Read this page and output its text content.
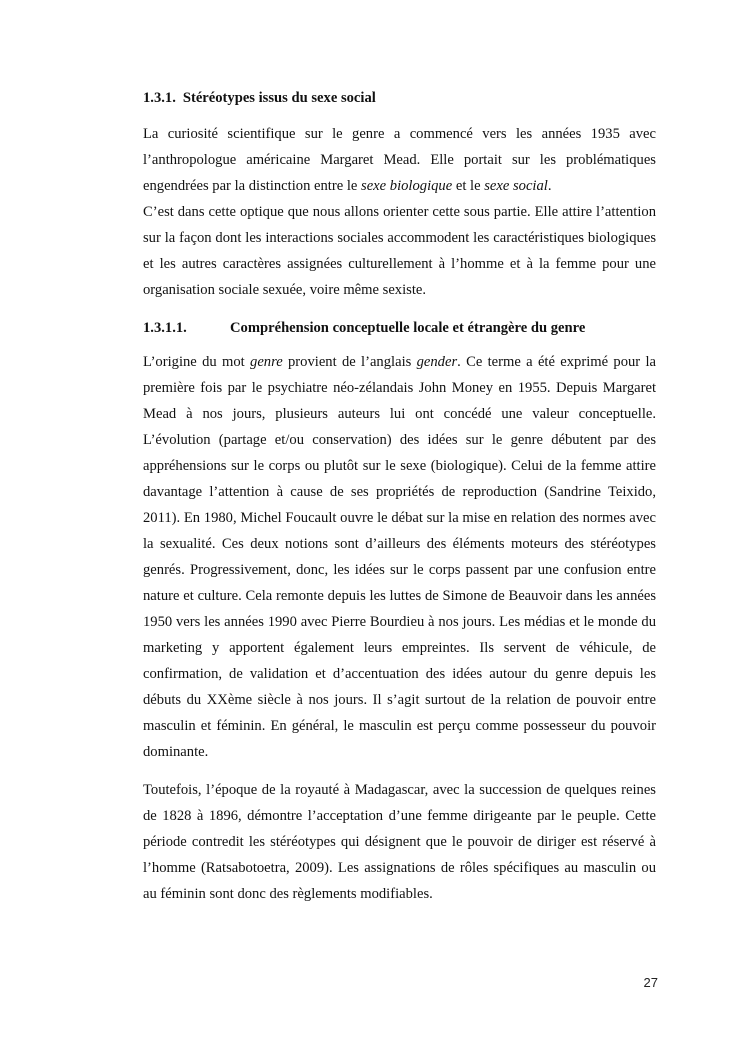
1.3.1. Stéréotypes issus du sexe social

La curiosité scientifique sur le genre a commencé vers les années 1935 avec l’anthropologue américaine Margaret Mead. Elle portait sur les problématiques engendrées par la distinction entre le sexe biologique et le sexe social.

C’est dans cette optique que nous allons orienter cette sous partie. Elle attire l’attention sur la façon dont les interactions sociales accommodent les caractéristiques biologiques et les autres caractères assignées culturellement à l’homme et à la femme pour une organisation sociale sexuée, voire même sexiste.

1.3.1.1.	Compréhension conceptuelle locale et étrangère du genre

L’origine du mot genre provient de l’anglais gender. Ce terme a été exprimé pour la première fois par le psychiatre néo-zélandais John Money en 1955. Depuis Margaret Mead à nos jours, plusieurs auteurs lui ont concédé une valeur conceptuelle. L’évolution (partage et/ou conservation) des idées sur le genre débutent par des appréhensions sur le corps ou plutôt sur le sexe (biologique). Celui de la femme attire davantage l’attention à cause de ses propriétés de reproduction (Sandrine Teixido, 2011). En 1980, Michel Foucault ouvre le débat sur la mise en relation des normes avec la sexualité. Ces deux notions sont d’ailleurs des éléments moteurs des stéréotypes genrés. Progressivement, donc, les idées sur le corps passent par une confusion entre nature et culture. Cela remonte depuis les luttes de Simone de Beauvoir dans les années 1950 vers les années 1990 avec Pierre Bourdieu à nos jours. Les médias et le monde du marketing y apportent également leurs empreintes. Ils servent de véhicule, de confirmation, de validation et d’accentuation des idées autour du genre depuis les débuts du XXème siècle à nos jours. Il s’agit surtout de la relation de pouvoir entre masculin et féminin. En général, le masculin est perçu comme possesseur du pouvoir dominante.

Toutefois, l’époque de la royauté à Madagascar, avec la succession de quelques reines de 1828 à 1896, démontre l’acceptation d’une femme dirigeante par le peuple. Cette période contredit les stéréotypes qui désignent que le pouvoir de diriger est réservé à l’homme (Ratsabotoetra, 2009). Les assignations de rôles spécifiques au masculin ou au féminin sont donc des règlements modifiables.

27
